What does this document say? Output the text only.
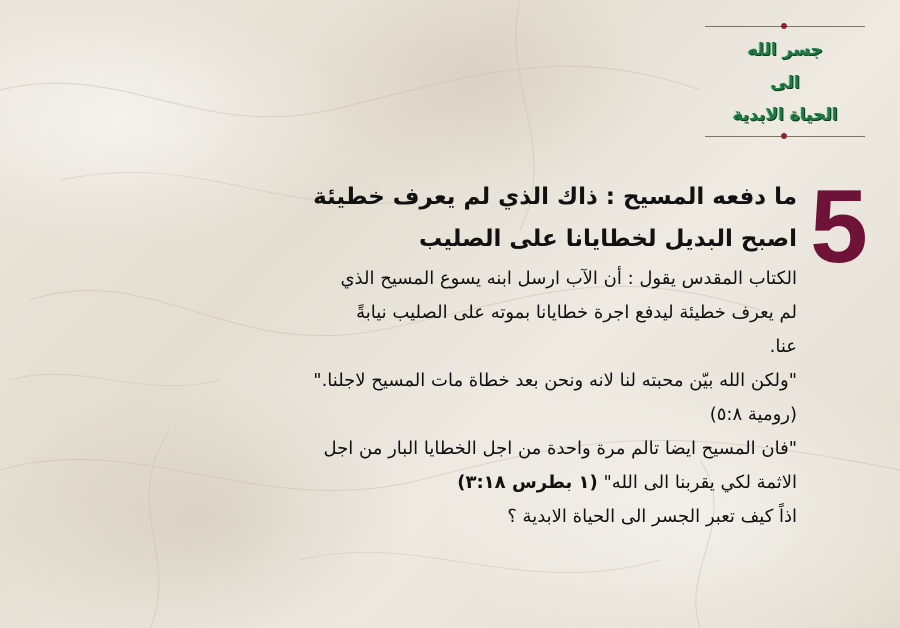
جسر الله
الى
الحياة الابدية
5
ما دفعه المسيح : ذاك الذي لم يعرف خطيئة
اصبح البديل لخطايانا على الصليب
الكتاب المقدس يقول : أن الآب ارسل ابنه يسوع المسيح الذي
لم يعرف خطيئة ليدفع اجرة خطايانا بموته على الصليب نيابةً
عنا.
"ولكن الله بيّن محبته لنا لانه ونحن بعد خطاة مات المسيح لاجلنا."
(رومية ٥:٨)
"فان المسيح ايضا تالم مرة واحدة من اجل الخطايا البار من اجل
الاثمة لكي يقربنا الى الله" (١ بطرس ٣:١٨)
اذاً كيف تعبر الجسر الى الحياة الابدية ؟
